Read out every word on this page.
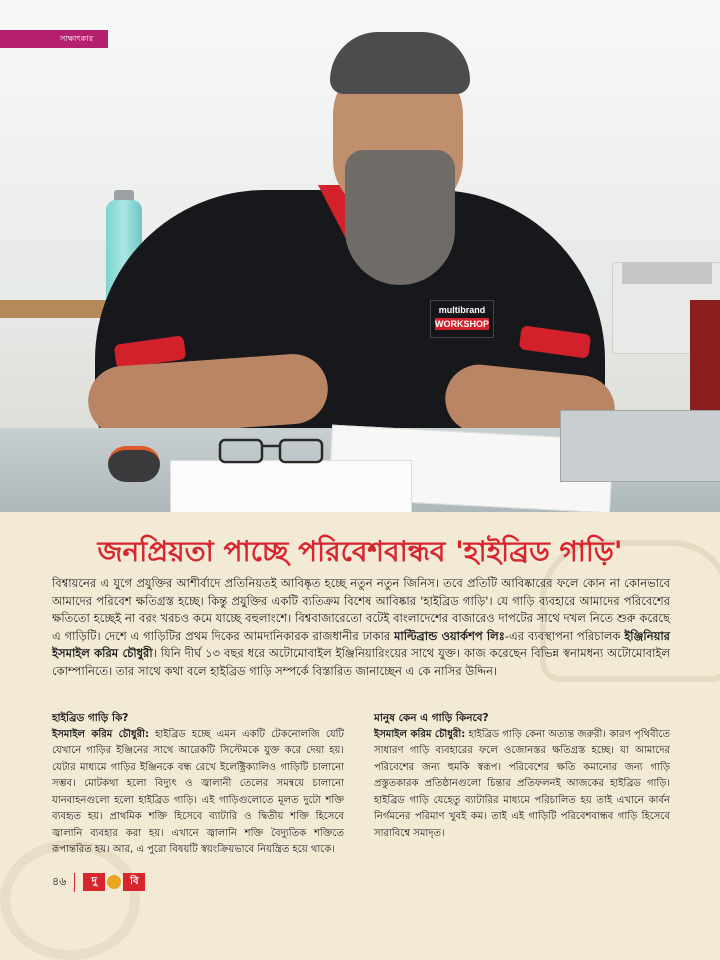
multibrand
WORKSHOP
সাক্ষাৎকার
জনপ্রিয়তা পাচ্ছে পরিবেশবান্ধব 'হাইব্রিড গাড়ি'
বিশ্বায়নের এ যুগে প্রযুক্তির আশীর্বাদে প্রতিনিয়তই আবিষ্কৃত হচ্ছে নতুন নতুন জিনিস। তবে প্রতিটি আবিষ্কারের ফলে কোন না কোনভাবে আমাদের পরিবেশ ক্ষতিগ্রস্ত হচ্ছে। কিন্তু প্রযুক্তির একটি ব্যতিক্রম বিশেষ আবিষ্কার 'হাইব্রিড গাড়ি'। যে গাড়ি ব্যবহারে আমাদের পরিবেশের ক্ষতিতো হচ্ছেই না বরং খরচও কমে যাচ্ছে বহুলাংশে। বিশ্ববাজারেতো বটেই বাংলাদেশের বাজারেও দাপটের সাথে দখল নিতে শুরু করেছে এ গাড়িটি। দেশে এ গাড়িটির প্রথম দিকের আমদানিকারক রাজধানীর ঢাকার মাল্টিব্রান্ড ওয়ার্কশপ লিঃ-এর ব্যবস্থাপনা পরিচালক ইঞ্জিনিয়ার ইসমাইল করিম চৌধুরী। যিনি দীর্ঘ ১৩ বছর ধরে অটোমোবাইল ইঞ্জিনিয়ারিংয়ের সাথে যুক্ত। কাজ করেছেন বিভিন্ন স্বনামধন্য অটোমোবাইল কোম্পানিতে। তার সাথে কথা বলে হাইব্রিড গাড়ি সম্পর্কে বিস্তারিত জানাচ্ছেন এ কে নাসির উদ্দিন।
হাইব্রিড গাড়ি কি?

ইসমাইল করিম চৌধুরী: হাইব্রিড হচ্ছে এমন একটি টেকনোলজি যেটি যেখানে গাড়ির ইঞ্জিনের সাথে আরেকটি সিস্টেমকে যুক্ত করে দেয়া হয়। যেটার মাধ্যমে গাড়ির ইঞ্জিনকে বন্ধ রেখে ইলেক্ট্রিক্যালিও গাড়িটি চালানো সম্ভব। মোটকথা হলো বিদ্যুৎ ও জ্বালানী তেলের সমন্বয়ে চালানো যানবাহনগুলো হলো হাইব্রিড গাড়ি। এই গাড়িগুলোতে মূলত দুটো শক্তি ব্যবহৃত হয়। প্রাথমিক শক্তি হিসেবে ব্যাটারি ও দ্বিতীয় শক্তি হিসেবে জ্বালানি ব্যবহার করা হয়। এখানে জ্বালানি শক্তি বৈদ্যুতিক শক্তিতে রূপান্তরিত হয়। আর, এ পুরো বিষয়টি স্বয়ংক্রিয়ভাবে নিয়ন্ত্রিত হয়ে থাকে।

মানুষ কেন এ গাড়ি কিনবে?

ইসমাইল করিম চৌধুরী: হাইব্রিড গাড়ি কেনা অত্যন্ত জরুরী। কারণ পৃথিবীতে সাধারণ গাড়ি ব্যবহারের ফলে ওজোনস্তর ক্ষতিগ্রস্ত হচ্ছে। যা আমাদের পরিবেশের জন্য হুমকি স্বরূপ। পরিবেশের ক্ষতি কমানোর জন্য গাড়ি প্রস্তুতকারক প্রতিষ্ঠানগুলো চিন্তার প্রতিফলনই আজকের হাইব্রিড গাড়ি। হাইব্রিড গাড়ি যেহেতু ব্যাটারির মাধ্যমে পরিচালিত হয় তাই এখানে কার্বন নির্গমনের পরিমাণ খুবই কম। তাই এই গাড়িটি পরিবেশবান্ধব গাড়ি হিসেবে সারাবিশ্বে সমাদৃত।

৪৬	দু	বি
